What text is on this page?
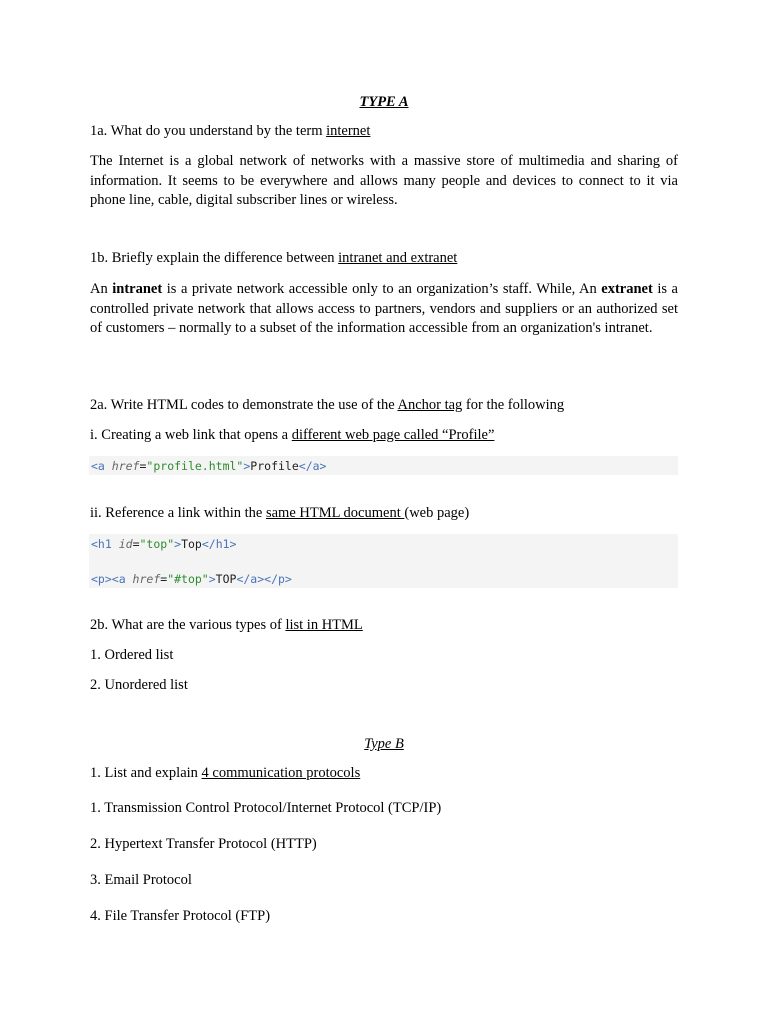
TYPE A
1a. What do you understand by the term internet
The Internet is a global network of networks with a massive store of multimedia and sharing of information. It seems to be everywhere and allows many people and devices to connect to it via phone line, cable, digital subscriber lines or wireless.
1b. Briefly explain the difference between intranet and extranet
An intranet is a private network accessible only to an organization’s staff. While, An extranet is a controlled private network that allows access to partners, vendors and suppliers or an authorized set of customers – normally to a subset of the information accessible from an organization's intranet.
2a. Write HTML codes to demonstrate the use of the Anchor tag for the following
i. Creating a web link that opens a different web page called “Profile”
<a href="profile.html">Profile</a>
ii. Reference a link within the same HTML document (web page)
<h1 id="top">Top</h1>
<p><a href="#top">TOP</a></p>
2b. What are the various types of list in HTML
1. Ordered list
2. Unordered list
Type B
1. List and explain 4 communication protocols
1. Transmission Control Protocol/Internet Protocol (TCP/IP)
2. Hypertext Transfer Protocol (HTTP)
3. Email Protocol
4. File Transfer Protocol (FTP)
